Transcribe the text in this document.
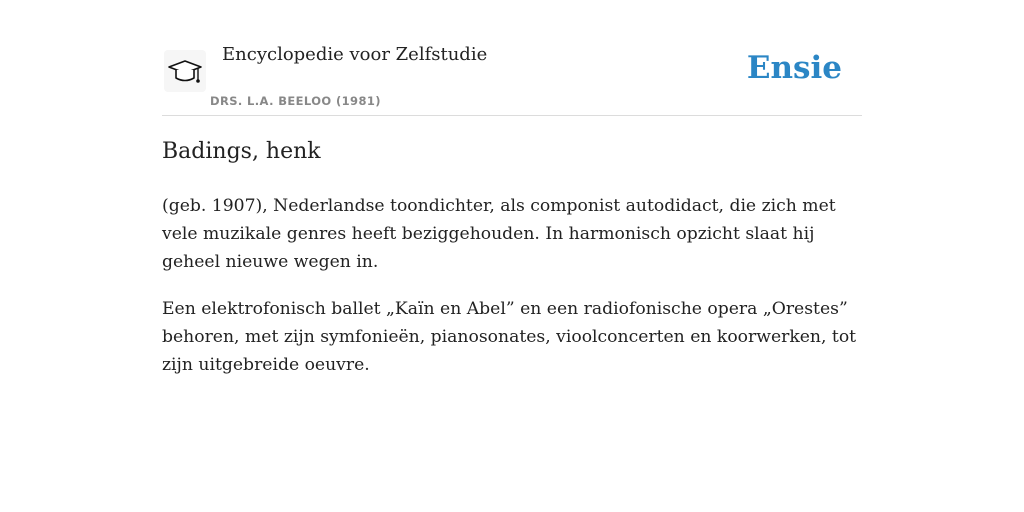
Encyclopedie voor Zelfstudie
DRS. L.A. BEELOO (1981)
Ensie
Badings, henk

(geb. 1907), Nederlandse toondichter, als componist autodidact, die zich met vele muzikale genres heeft beziggehouden. In harmonisch opzicht slaat hij geheel nieuwe wegen in.

Een elektrofonisch ballet „Kaïn en Abel” en een radiofonische opera „Orestes” behoren, met zijn symfonieën, pianosonates, vioolconcerten en koorwerken, tot zijn uitgebreide oeuvre.
